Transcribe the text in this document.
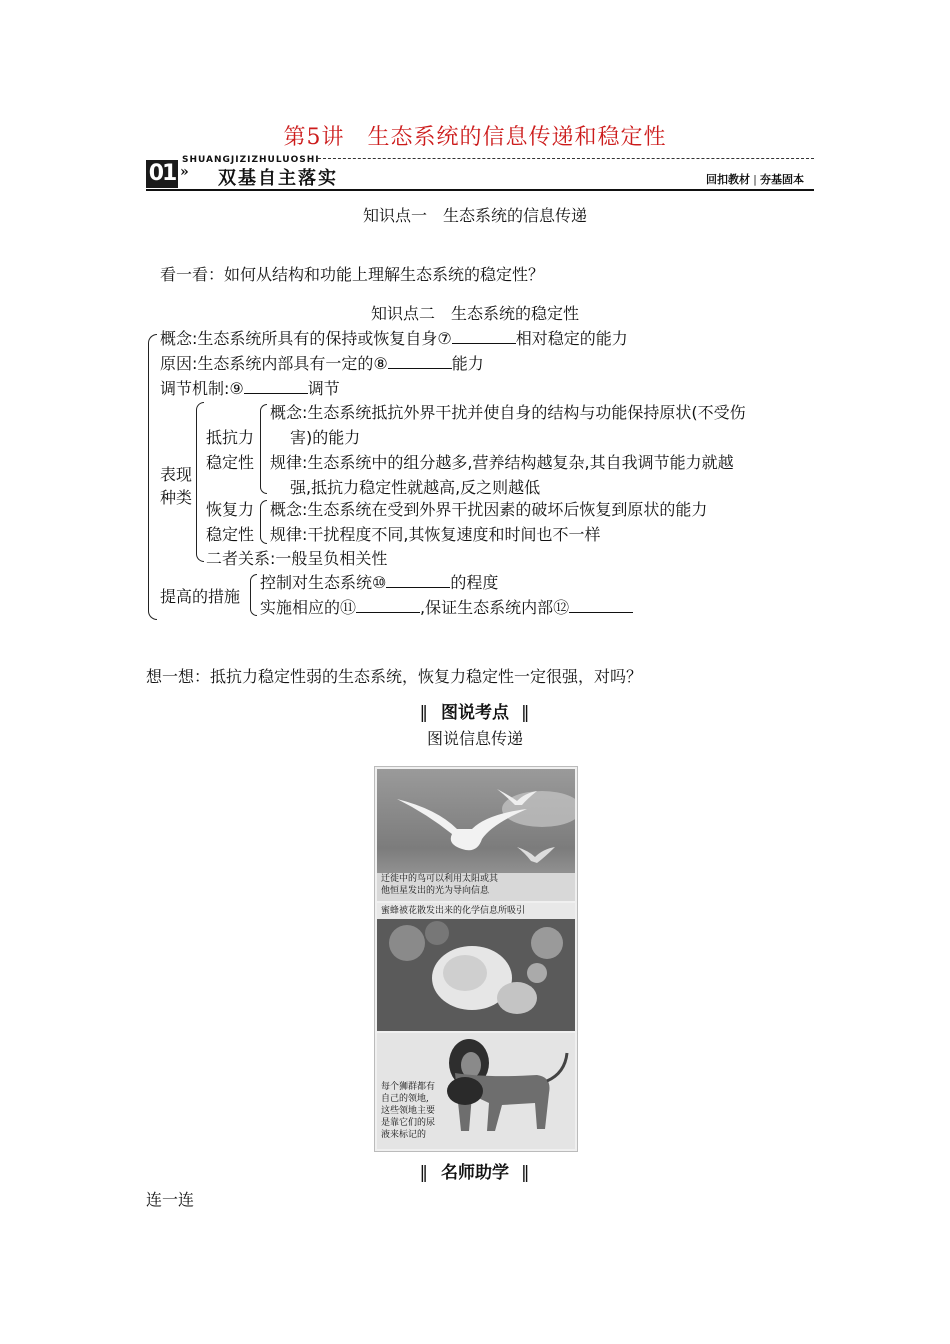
第5讲　生态系统的信息传递和稳定性
SHUANGJIZIZHULUOSHI
01 » 双基自主落实	回扣教材 | 夯基固本
知识点一　生态系统的信息传递
看一看：如何从结构和功能上理解生态系统的稳定性？
知识点二　生态系统的稳定性
概念:生态系统所具有的保持或恢复自身⑦	相对稳定的能力
原因:生态系统内部具有一定的⑧	能力
调节机制:⑨	调节
表现
种类
抵抗力
稳定性
概念:生态系统抵抗外界干扰并使自身的结构与功能保持原状(不受伤
害)的能力
规律:生态系统中的组分越多,营养结构越复杂,其自我调节能力就越
强,抵抗力稳定性就越高,反之则越低
恢复力
稳定性
概念:生态系统在受到外界干扰因素的破坏后恢复到原状的能力
规律:干扰程度不同,其恢复速度和时间也不一样
二者关系:一般呈负相关性
提高的措施
控制对生态系统⑩	的程度
实施相应的⑪	,保证生态系统内部⑫
想一想：抵抗力稳定性弱的生态系统，恢复力稳定性一定很强，对吗？
‖ 图说考点 ‖
图说信息传递
迁徙中的鸟可以利用太阳或其
他恒星发出的光为导向信息
蜜蜂被花散发出来的化学信息所吸引
每个狮群都有
自己的领地,
这些领地主要
是靠它们的尿
液来标记的
‖ 名师助学 ‖
连一连
